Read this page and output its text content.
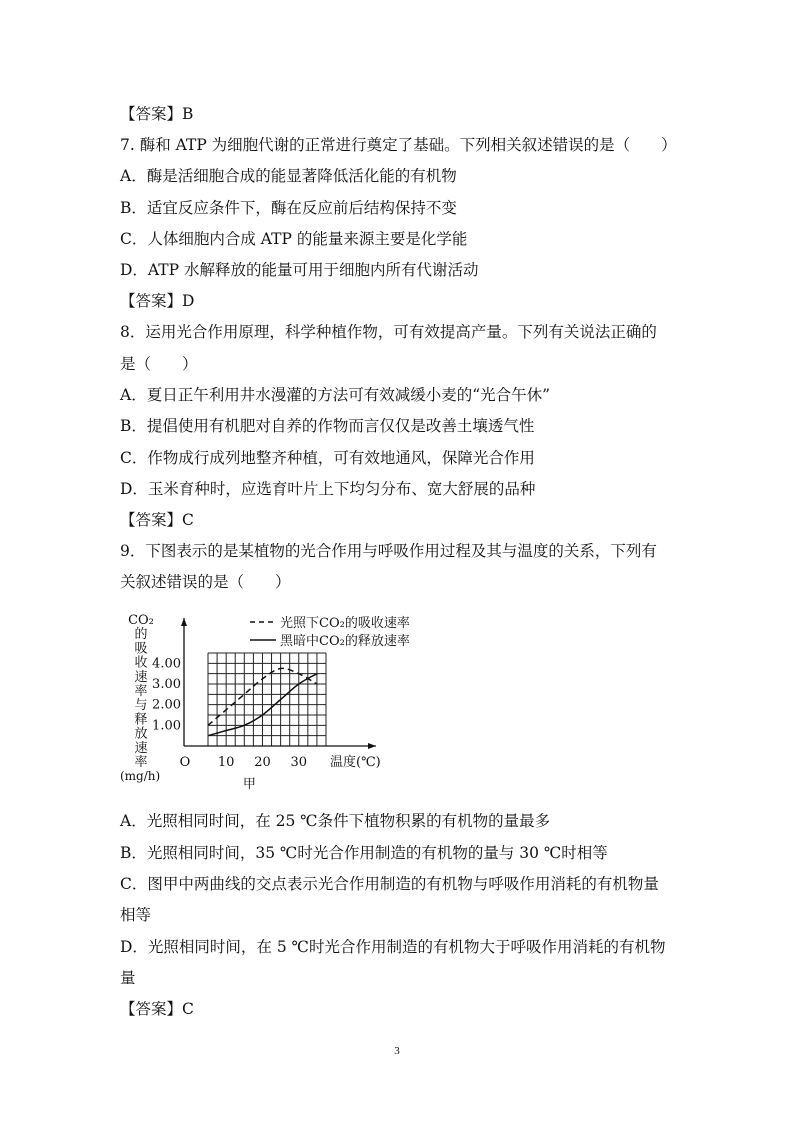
【答案】B
7. 酶和 ATP 为细胞代谢的正常进行奠定了基础。下列相关叙述错误的是（　　）
A．酶是活细胞合成的能显著降低活化能的有机物
B．适宜反应条件下，酶在反应前后结构保持不变
C．人体细胞内合成 ATP 的能量来源主要是化学能
D．ATP 水解释放的能量可用于细胞内所有代谢活动
【答案】D
8．运用光合作用原理，科学种植作物，可有效提高产量。下列有关说法正确的
是（　　）
A．夏日正午利用井水漫灌的方法可有效减缓小麦的“光合午休”
B．提倡使用有机肥对自养的作物而言仅仅是改善土壤透气性
C．作物成行成列地整齐种植，可有效地通风，保障光合作用
D．玉米育种时，应选育叶片上下均匀分布、宽大舒展的品种
【答案】C
9．下图表示的是某植物的光合作用与呼吸作用过程及其与温度的关系，下列有
关叙述错误的是（　　）
1.00
2.00
3.00
4.00
10 20 30
O	温度(℃)
甲
CO₂
的
吸
收
速
率
与
释
放
速
率
(mg/h)
光照下CO₂的吸收速率
黑暗中CO₂的释放速率
A．光照相同时间，在 25 ℃条件下植物积累的有机物的量最多
B．光照相同时间，35 ℃时光合作用制造的有机物的量与 30 ℃时相等
C．图甲中两曲线的交点表示光合作用制造的有机物与呼吸作用消耗的有机物量
相等
D．光照相同时间，在 5 ℃时光合作用制造的有机物大于呼吸作用消耗的有机物
量
【答案】C
3
